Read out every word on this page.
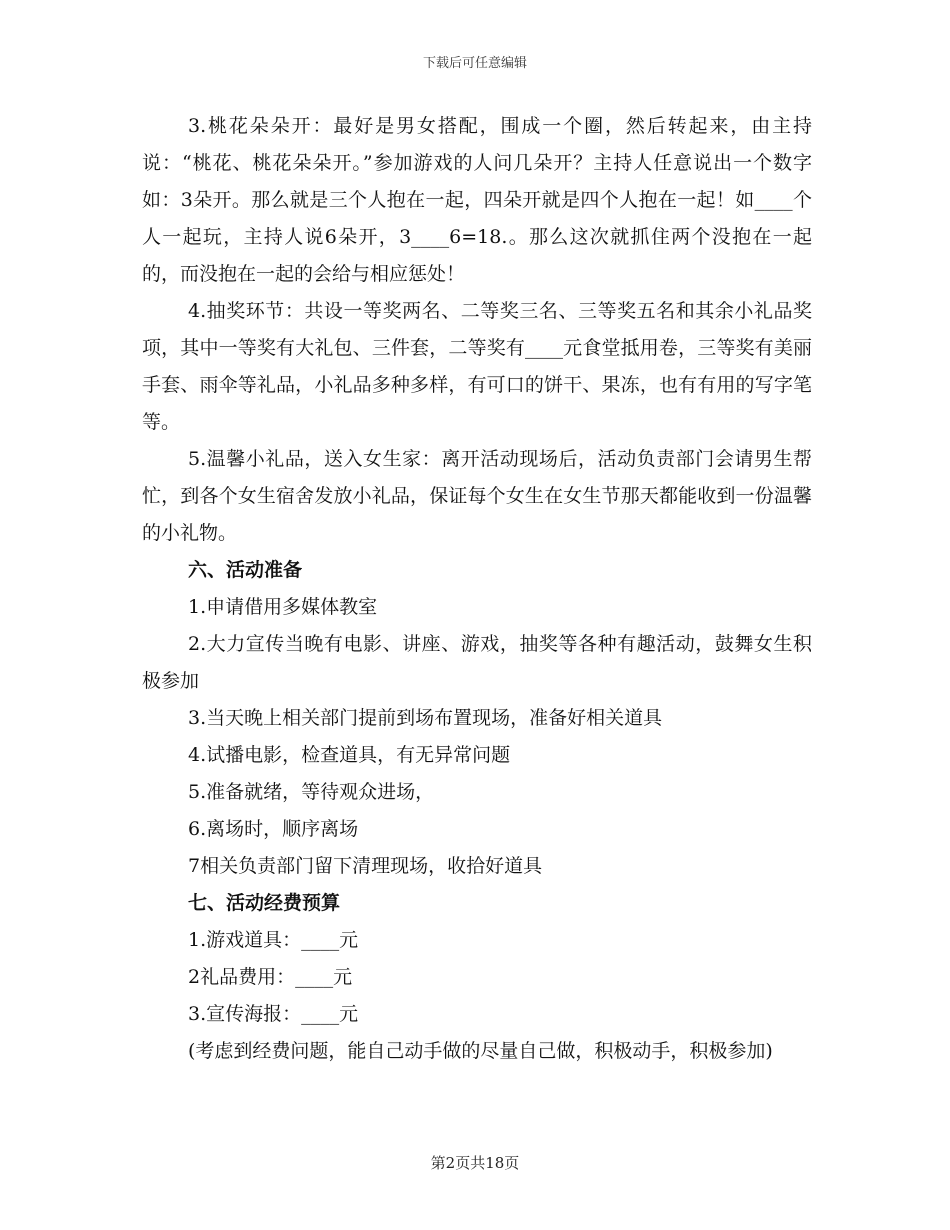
下载后可任意编辑

3.桃花朵朵开：最好是男女搭配，围成一个圈，然后转起来，由主持说：“桃花、桃花朵朵开。”参加游戏的人问几朵开？主持人任意说出一个数字如：3朵开。那么就是三个人抱在一起，四朵开就是四个人抱在一起！如____个人一起玩，主持人说6朵开，3____6=18.。那么这次就抓住两个没抱在一起的，而没抱在一起的会给与相应惩处！

4.抽奖环节：共设一等奖两名、二等奖三名、三等奖五名和其余小礼品奖项，其中一等奖有大礼包、三件套，二等奖有____元食堂抵用卷，三等奖有美丽手套、雨伞等礼品，小礼品多种多样，有可口的饼干、果冻，也有有用的写字笔等。

5.温馨小礼品，送入女生家：离开活动现场后，活动负责部门会请男生帮忙，到各个女生宿舍发放小礼品，保证每个女生在女生节那天都能收到一份温馨的小礼物。

六、活动准备

1.申请借用多媒体教室

2.大力宣传当晚有电影、讲座、游戏，抽奖等各种有趣活动，鼓舞女生积极参加

3.当天晚上相关部门提前到场布置现场，准备好相关道具

4.试播电影，检查道具，有无异常问题

5.准备就绪，等待观众进场，

6.离场时，顺序离场

7相关负责部门留下清理现场，收拾好道具

七、活动经费预算

1.游戏道具：____元

2礼品费用：____元

3.宣传海报：____元

(考虑到经费问题，能自己动手做的尽量自己做，积极动手，积极参加)

第2页共18页
